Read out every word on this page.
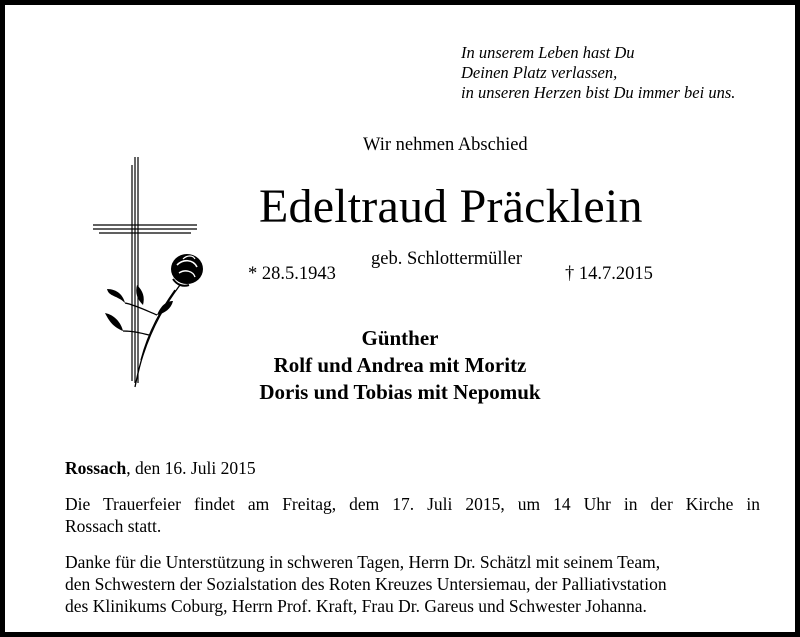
In unserem Leben hast Du
Deinen Platz verlassen,
in unseren Herzen bist Du immer bei uns.
Wir nehmen Abschied
Edeltraud Präcklein
geb. Schlottermüller
* 28.5.1943	† 14.7.2015
Günther
Rolf und Andrea mit Moritz
Doris und Tobias mit Nepomuk
Rossach, den 16. Juli 2015
Die Trauerfeier findet am Freitag, dem 17. Juli 2015, um 14 Uhr in der Kirche in
Rossach statt.
Danke für die Unterstützung in schweren Tagen, Herrn Dr. Schätzl mit seinem Team,
den Schwestern der Sozialstation des Roten Kreuzes Untersiemau, der Palliativstation
des Klinikums Coburg, Herrn Prof. Kraft, Frau Dr. Gareus und Schwester Johanna.
